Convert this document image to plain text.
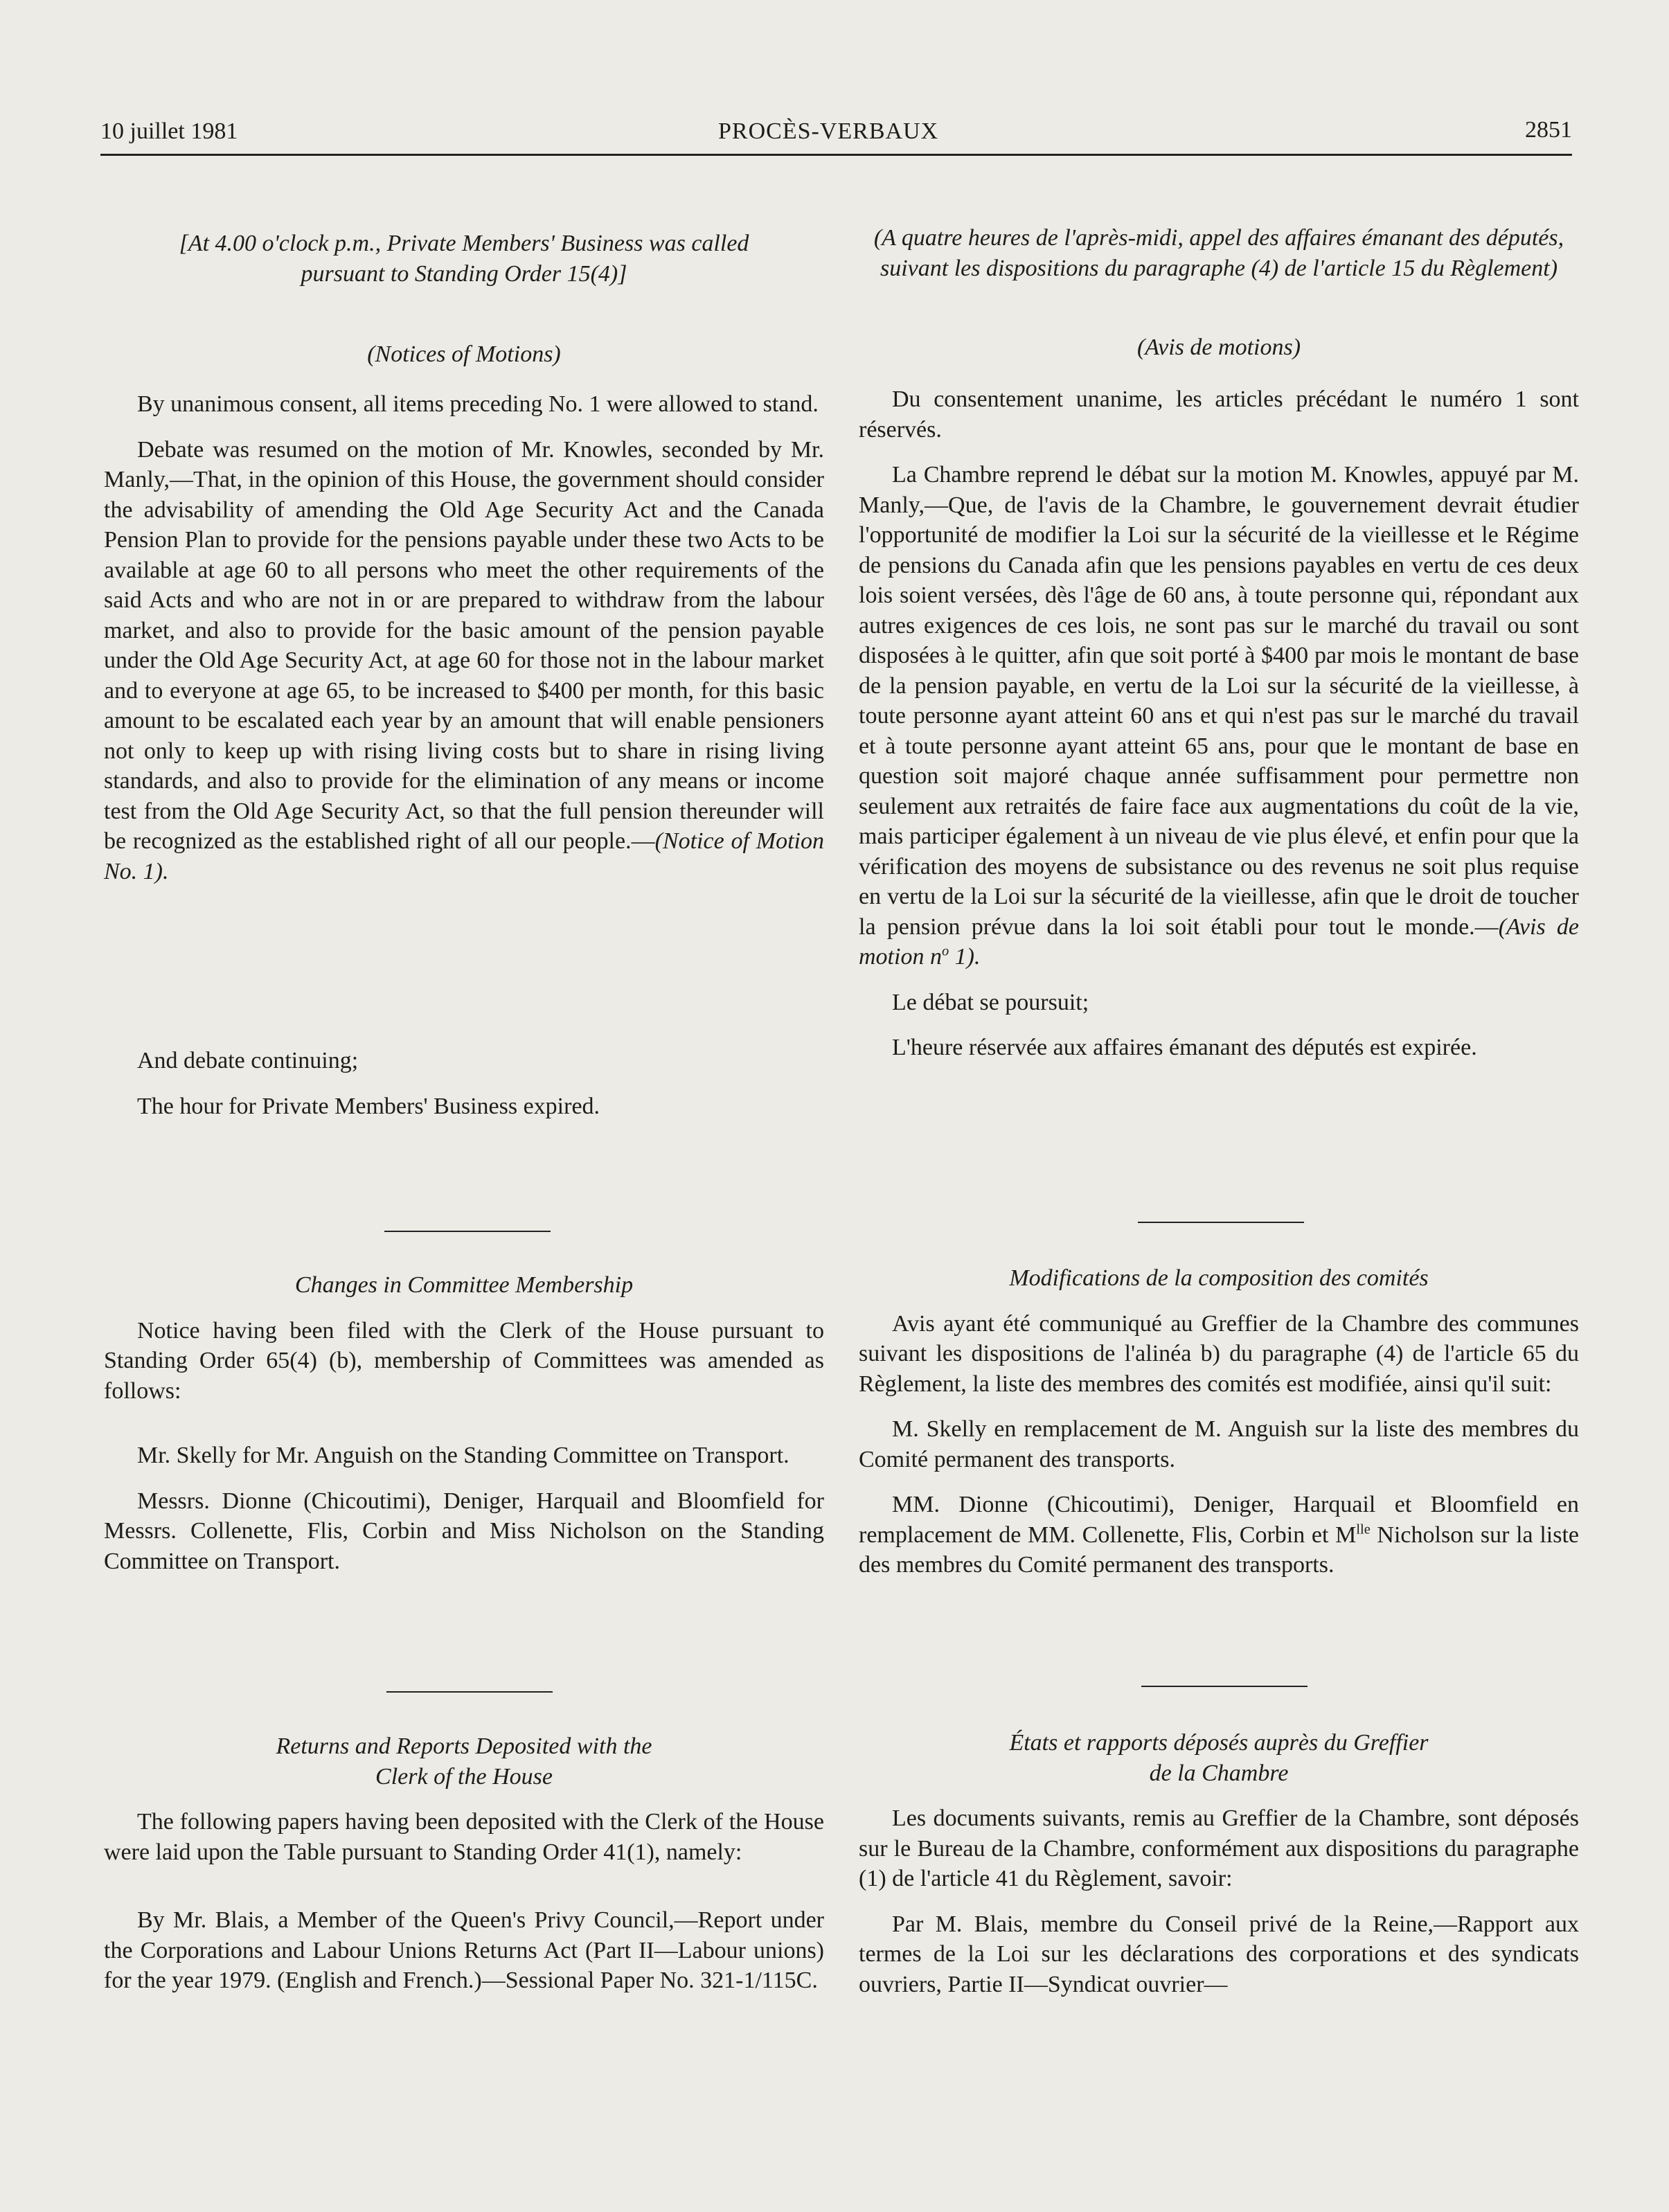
10 juillet 1981	PROCÈS-VERBAUX	2851

[At 4.00 o'clock p.m., Private Members' Business was called pursuant to Standing Order 15(4)]

(Notices of Motions)

By unanimous consent, all items preceding No. 1 were allowed to stand.

Debate was resumed on the motion of Mr. Knowles, seconded by Mr. Manly,—That, in the opinion of this House, the government should consider the advisability of amending the Old Age Security Act and the Canada Pension Plan to provide for the pensions payable under these two Acts to be available at age 60 to all persons who meet the other requirements of the said Acts and who are not in or are prepared to withdraw from the labour market, and also to provide for the basic amount of the pension payable under the Old Age Security Act, at age 60 for those not in the labour market and to everyone at age 65, to be increased to $400 per month, for this basic amount to be escalated each year by an amount that will enable pensioners not only to keep up with rising living costs but to share in rising living standards, and also to provide for the elimination of any means or income test from the Old Age Security Act, so that the full pension thereunder will be recognized as the established right of all our people.—(Notice of Motion No. 1).

And debate continuing;

The hour for Private Members' Business expired.

Changes in Committee Membership

Notice having been filed with the Clerk of the House pursuant to Standing Order 65(4) (b), membership of Committees was amended as follows:

Mr. Skelly for Mr. Anguish on the Standing Committee on Transport.

Messrs. Dionne (Chicoutimi), Deniger, Harquail and Bloomfield for Messrs. Collenette, Flis, Corbin and Miss Nicholson on the Standing Committee on Transport.

Returns and Reports Deposited with the

Clerk of the House

The following papers having been deposited with the Clerk of the House were laid upon the Table pursuant to Standing Order 41(1), namely:

By Mr. Blais, a Member of the Queen's Privy Council,—Report under the Corporations and Labour Unions Returns Act (Part II—Labour unions) for the year 1979. (English and French.)—Sessional Paper No. 321-1/115C.

(A quatre heures de l'après-midi, appel des affaires émanant des députés, suivant les dispositions du paragraphe (4) de l'article 15 du Règlement)

(Avis de motions)

Du consentement unanime, les articles précédant le numéro 1 sont réservés.

La Chambre reprend le débat sur la motion M. Knowles, appuyé par M. Manly,—Que, de l'avis de la Chambre, le gouvernement devrait étudier l'opportunité de modifier la Loi sur la sécurité de la vieillesse et le Régime de pensions du Canada afin que les pensions payables en vertu de ces deux lois soient versées, dès l'âge de 60 ans, à toute personne qui, répondant aux autres exigences de ces lois, ne sont pas sur le marché du travail ou sont disposées à le quitter, afin que soit porté à $400 par mois le montant de base de la pension payable, en vertu de la Loi sur la sécurité de la vieillesse, à toute personne ayant atteint 60 ans et qui n'est pas sur le marché du travail et à toute personne ayant atteint 65 ans, pour que le montant de base en question soit majoré chaque année suffisamment pour permettre non seulement aux retraités de faire face aux augmentations du coût de la vie, mais participer également à un niveau de vie plus élevé, et enfin pour que la vérification des moyens de subsistance ou des revenus ne soit plus requise en vertu de la Loi sur la sécurité de la vieillesse, afin que le droit de toucher la pension prévue dans la loi soit établi pour tout le monde.—(Avis de motion $n^o$ 1).

Le débat se poursuit;

L'heure réservée aux affaires émanant des députés est expirée.

Modifications de la composition des comités

Avis ayant été communiqué au Greffier de la Chambre des communes suivant les dispositions de l'alinéa b) du paragraphe (4) de l'article 65 du Règlement, la liste des membres des comités est modifiée, ainsi qu'il suit:

M. Skelly en remplacement de M. Anguish sur la liste des membres du Comité permanent des transports.

MM. Dionne (Chicoutimi), Deniger, Harquail et Bloomfield en remplacement de MM. Collenette, Flis, Corbin et $M^{lle}$ Nicholson sur la liste des membres du Comité permanent des transports.

États et rapports déposés auprès du Greffier

de la Chambre

Les documents suivants, remis au Greffier de la Chambre, sont déposés sur le Bureau de la Chambre, conformément aux dispositions du paragraphe (1) de l'article 41 du Règlement, savoir:

Par M. Blais, membre du Conseil privé de la Reine,—Rapport aux termes de la Loi sur les déclarations des corporations et des syndicats ouvriers, Partie II—Syndicat ouvrier—
